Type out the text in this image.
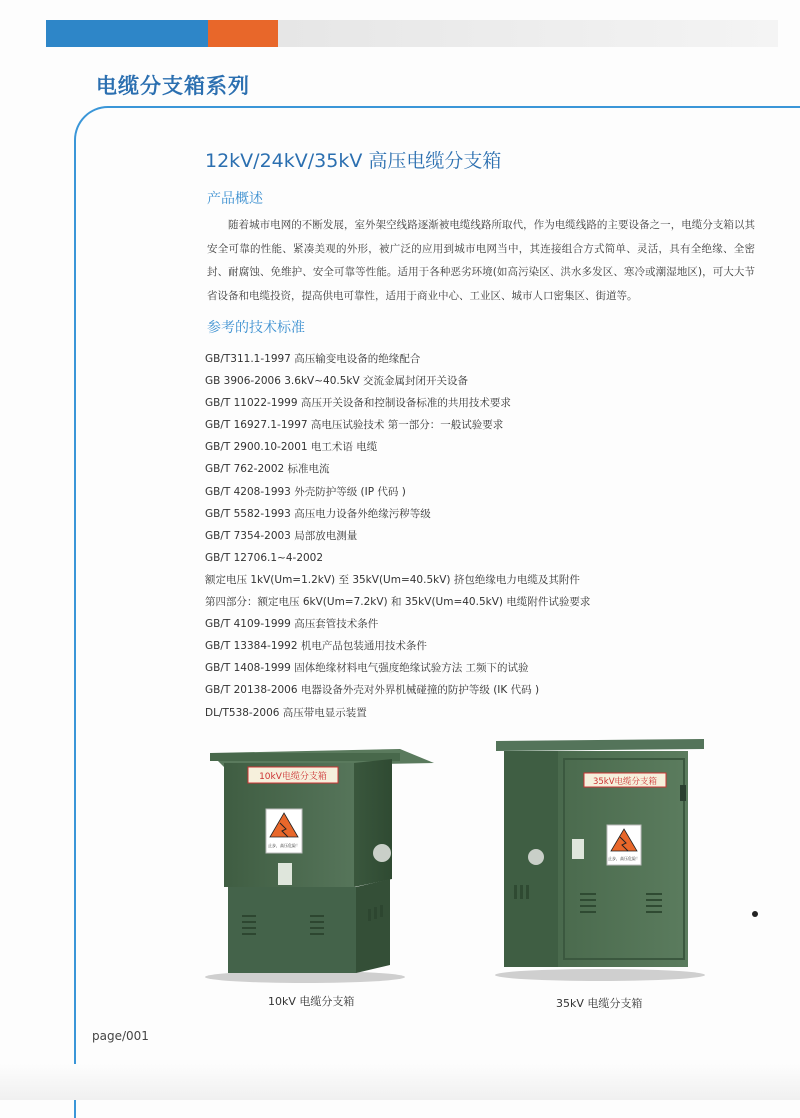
电缆分支箱系列
12kV/24kV/35kV 高压电缆分支箱
产品概述

随着城市电网的不断发展，室外架空线路逐渐被电缆线路所取代，作为电缆线路的主要设备之一，电缆分支箱以其安全可靠的性能、紧凑美观的外形，被广泛的应用到城市电网当中，其连接组合方式简单、灵活，具有全绝缘、全密封、耐腐蚀、免维护、安全可靠等性能。适用于各种恶劣环境(如高污染区、洪水多发区、寒冷或潮湿地区)，可大大节省设备和电缆投资，提高供电可靠性，适用于商业中心、工业区、城市人口密集区、街道等。

参考的技术标准
GB/T311.1-1997 高压输变电设备的绝缘配合
GB 3906-2006 3.6kV~40.5kV 交流金属封闭开关设备
GB/T 11022-1999 高压开关设备和控制设备标准的共用技术要求
GB/T 16927.1-1997 高电压试验技术 第一部分：一般试验要求
GB/T 2900.10-2001 电工术语 电缆
GB/T 762-2002 标准电流
GB/T 4208-1993 外壳防护等级 (IP 代码 )
GB/T 5582-1993 高压电力设备外绝缘污秽等级
GB/T 7354-2003 局部放电测量
GB/T 12706.1~4-2002
额定电压 1kV(Um=1.2kV) 至 35kV(Um=40.5kV) 挤包绝缘电力电缆及其附件
第四部分：额定电压 6kV(Um=7.2kV) 和 35kV(Um=40.5kV) 电缆附件试验要求
GB/T 4109-1999 高压套管技术条件
GB/T 13384-1992 机电产品包装通用技术条件
GB/T 1408-1999 固体绝缘材料电气强度绝缘试验方法 工频下的试验
GB/T 20138-2006 电器设备外壳对外界机械碰撞的防护等级 (IK 代码 )
DL/T538-2006 高压带电显示装置
10kV电缆分支箱
止步，高压危险！

10kV 电缆分支箱

35kV电缆分支箱
止步，高压危险！

35kV 电缆分支箱

page/001
